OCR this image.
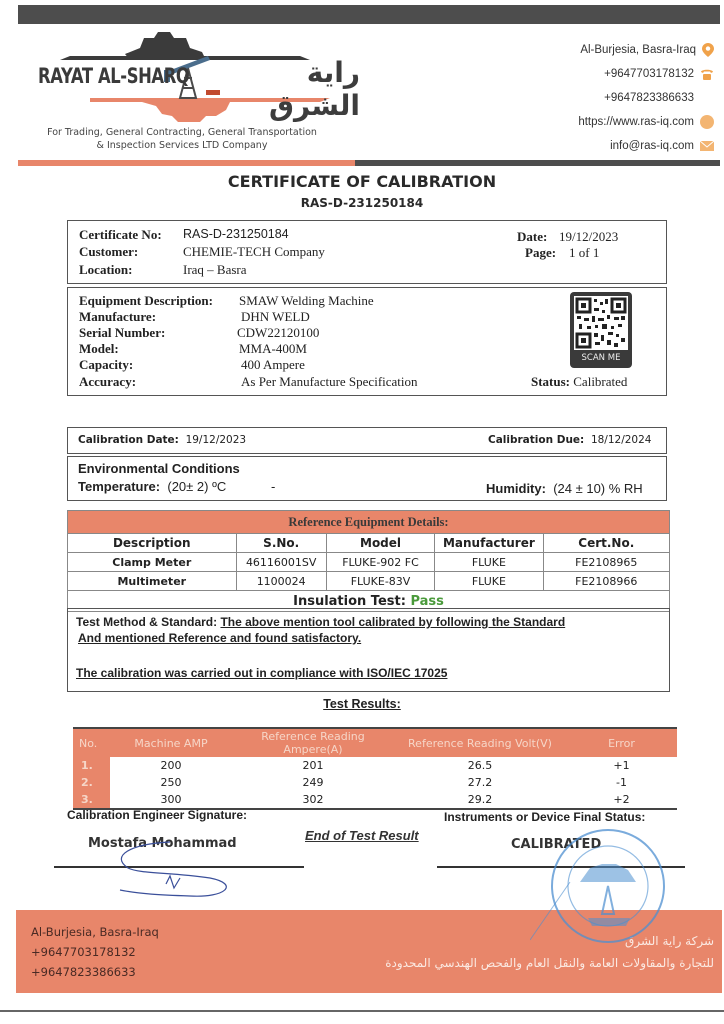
RAYAT AL-SHARQ	راية الشرق
For Trading, General Contracting, General Transportation
& Inspection Services LTD Company
Al-Burjesia, Basra-Iraq
+9647703178132
+9647823386633
https://www.ras-iq.com
info@ras-iq.com
CERTIFICATE OF CALIBRATION
RAS-D-231250184
Certificate No: RAS-D-231250184
Customer:	CHEMIE-TECH Company
Location:	Iraq – Basra
Date: 19/12/2023
Page: 1 of 1
Equipment Description: SMAW Welding Machine
Manufacture:	DHN WELD
Serial Number:	CDW22120100
Model:	MMA-400M
Capacity:	400 Ampere
Accuracy:	As Per Manufacture Specification
SCAN ME
Status: Calibrated
Calibration Date: 19/12/2023	Calibration Due: 18/12/2024
Environmental Conditions
Temperature: (20± 2) ºC	-	Humidity: (24 ± 10) % RH
Reference Equipment Details:				
Description	S.No.	Model	Manufacturer	Cert.No.
Clamp Meter	46116001SV	FLUKE-902 FC	FLUKE	FE2108965
Multimeter	1100024	FLUKE-83V	FLUKE	FE2108966
Insulation Test: Pass				
Test Method & Standard: The above mention tool calibrated by following the Standard
And mentioned Reference and found satisfactory.
The calibration was carried out in compliance with ISO/IEC 17025
Test Results:
No.	Machine AMP	Reference Reading Ampere(A)	Reference Reading Volt(V)	Error
1.	200	201	26.5	+1
2.	250	249	27.2	-1
3.	300	302	29.2	+2
Calibration Engineer Signature:
Mostafa Mohammad
End of Test Result
Instruments or Device Final Status:
CALIBRATED
Al-Burjesia, Basra-Iraq
+9647703178132
+9647823386633
شركة راية الشرق
للتجارة والمقاولات العامة والنقل العام والفحص الهندسي المحدودة
